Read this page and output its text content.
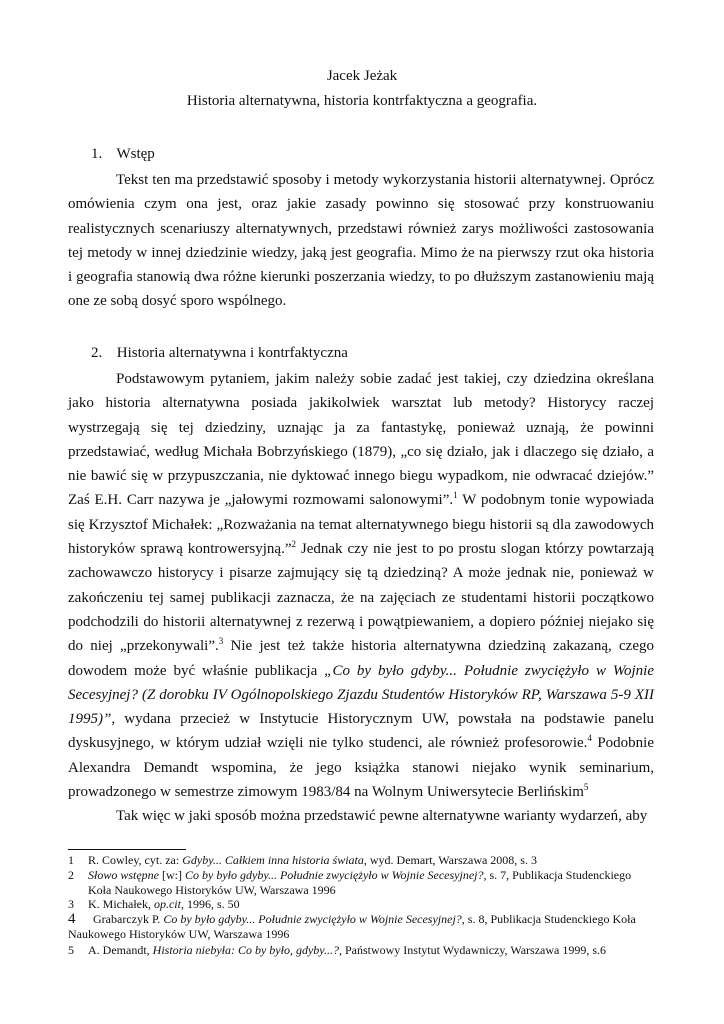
Jacek Jeżak
Historia alternatywna, historia kontrfaktyczna a geografia.
1. Wstęp

Tekst ten ma przedstawić sposoby i metody wykorzystania historii alternatywnej. Oprócz omówienia czym ona jest, oraz jakie zasady powinno się stosować przy konstruowaniu realistycznych scenariuszy alternatywnych, przedstawi również zarys możliwości zastosowania tej metody w innej dziedzinie wiedzy, jaką jest geografia. Mimo że na pierwszy rzut oka historia i geografia stanowią dwa różne kierunki poszerzania wiedzy, to po dłuższym zastanowieniu mają one ze sobą dosyć sporo wspólnego.

2. Historia alternatywna i kontrfaktyczna

Podstawowym pytaniem, jakim należy sobie zadać jest takiej, czy dziedzina określana jako historia alternatywna posiada jakikolwiek warsztat lub metody? Historycy raczej wystrzegają się tej dziedziny, uznając ja za fantastykę, ponieważ uznają, że powinni przedstawiać, według Michała Bobrzyńskiego (1879), „co się działo, jak i dlaczego się działo, a nie bawić się w przypuszczania, nie dyktować innego biegu wypadkom, nie odwracać dziejów.” Zaś E.H. Carr nazywa je „jałowymi rozmowami salonowymi”.$^1$ W podobnym tonie wypowiada się Krzysztof Michałek: „Rozważania na temat alternatywnego biegu historii są dla zawodowych historyków sprawą kontrowersyjną.”$^2$ Jednak czy nie jest to po prostu slogan którzy powtarzają zachowawczo historycy i pisarze zajmujący się tą dziedziną? A może jednak nie, ponieważ w zakończeniu tej samej publikacji zaznacza, że na zajęciach ze studentami historii początkowo podchodzili do historii alternatywnej z rezerwą i powątpiewaniem, a dopiero później niejako się do niej „przekonywali”.$^3$ Nie jest też także historia alternatywna dziedziną zakazaną, czego dowodem może być właśnie publikacja „Co by było gdyby... Południe zwyciężyło w Wojnie Secesyjnej? (Z dorobku IV Ogólnopolskiego Zjazdu Studentów Historyków RP, Warszawa 5-9 XII 1995)”, wydana przecież w Instytucie Historycznym UW, powstała na podstawie panelu dyskusyjnego, w którym udział wzięli nie tylko studenci, ale również profesorowie.$^4$ Podobnie Alexandra Demandt wspomina, że jego książka stanowi niejako wynik seminarium, prowadzonego w semestrze zimowym 1983/84 na Wolnym Uniwersytecie Berlińskim$^5$

Tak więc w jaki sposób można przedstawić pewne alternatywne warianty wydarzeń, aby

1 R. Cowley, cyt. za: Gdyby... Całkiem inna historia świata, wyd. Demart, Warszawa 2008, s. 3
2 Słowo wstępne [w:] Co by było gdyby... Południe zwyciężyło w Wojnie Secesyjnej?, s. 7, Publikacja Studenckiego
Koła Naukowego Historyków UW, Warszawa 1996
3 K. Michałek, op.cit, 1996, s. 50
4 Grabarczyk P. Co by było gdyby... Południe zwyciężyło w Wojnie Secesyjnej?, s. 8, Publikacja Studenckiego Koła
Naukowego Historyków UW, Warszawa 1996
5 A. Demandt, Historia niebyła: Co by było, gdyby...?, Państwowy Instytut Wydawniczy, Warszawa 1999, s.6
